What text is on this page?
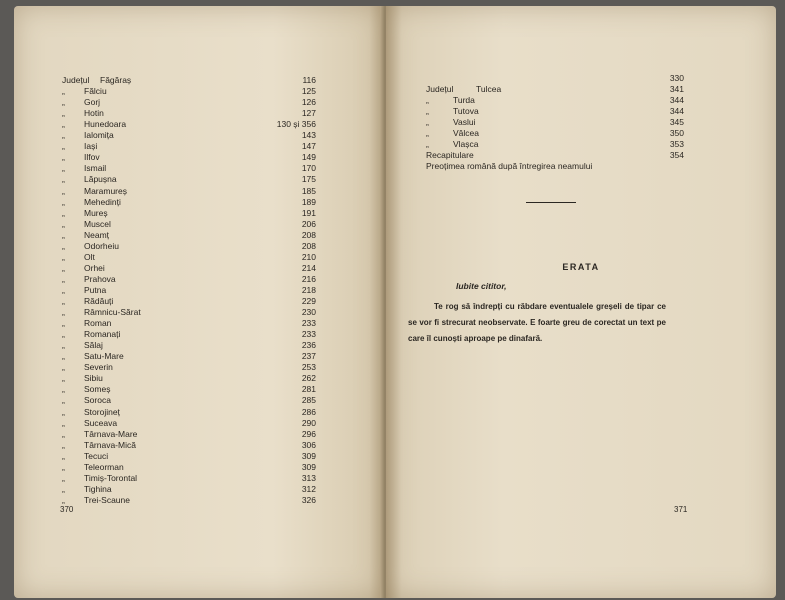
Județul Făgăraș	116
„ Fălciu	125
„ Gorj	126
„ Hotin	127
„ Hunedoara	130 și 356
„ Ialomița	143
„ Iași	147
„ Ilfov	149
„ Ismail	170
„ Lăpușna	175
„ Maramureș	185
„ Mehedinți	189
„ Mureș	191
„ Muscel	206
„ Neamț	208
„ Odorheiu	208
„ Olt	210
„ Orhei	214
„ Prahova	216
„ Putna	218
„ Rădăuți	229
„ Râmnicu-Sărat	230
„ Roman	233
„ Romanați	233
„ Sălaj	236
„ Satu-Mare	237
„ Severin	253
„ Sibiu	262
„ Someș	281
„ Soroca	285
„ Storojineț	286
„ Suceava	290
„ Târnava-Mare	296
„ Târnava-Mică	306
„ Tecuci	309
„ Teleorman	309
„ Timiș-Torontal	313
„ Tighina	312
„ Trei-Scaune	326
370
330
Județul	Tulcea	341
„	Turda	344
„	Tutova	344
„	Vaslui	345
„	Vâlcea	350
„	Vlașca	353
Recapitulare	354
Preoțimea română după întregirea neamului
ERATA
Iubite cititor,
Te rog să îndrepți cu răbdare eventualele greșeli de tipar ce se vor fi strecurat neobservate. E foarte greu de corectat un text pe care îl cunoști aproape pe dinafară.
371
